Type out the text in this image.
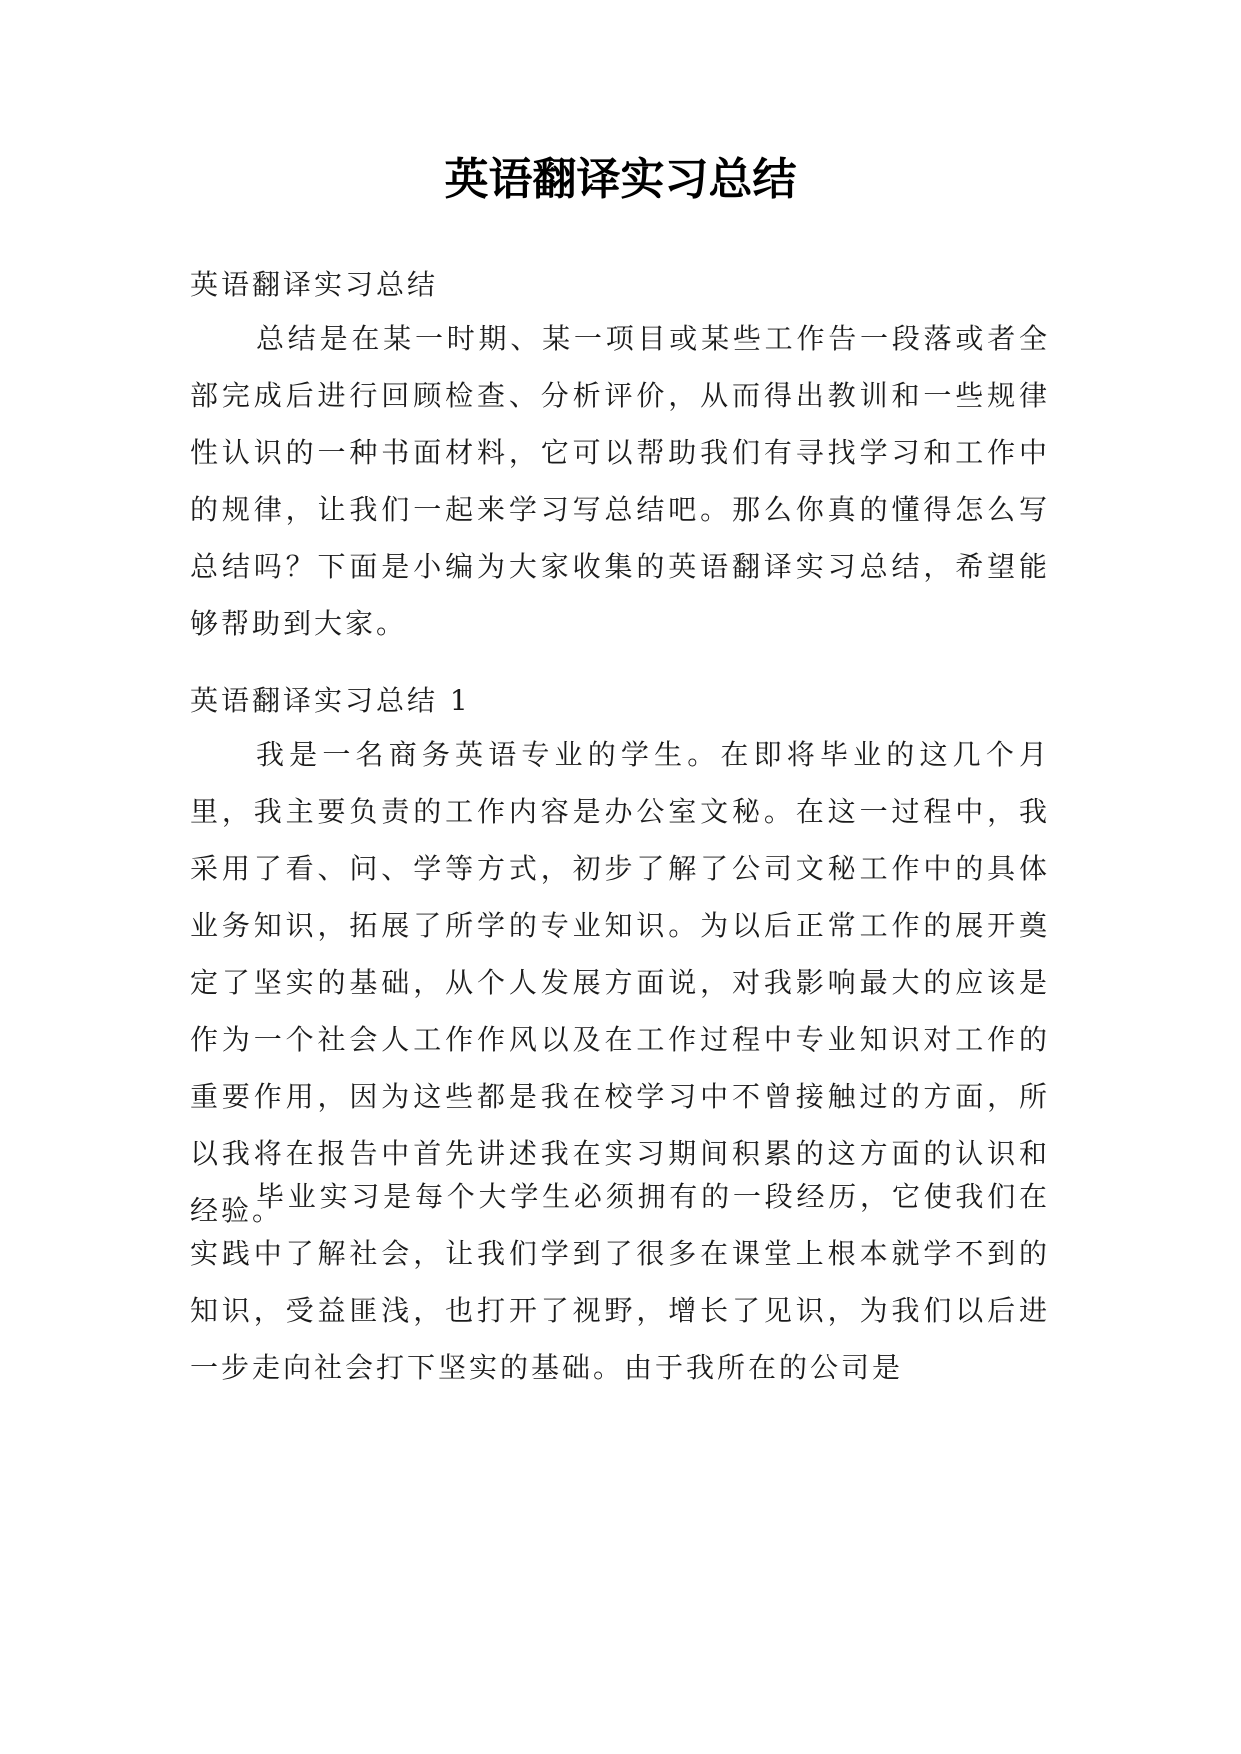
英语翻译实习总结
英语翻译实习总结
总结是在某一时期、某一项目或某些工作告一段落或者全部完成后进行回顾检查、分析评价，从而得出教训和一些规律性认识的一种书面材料，它可以帮助我们有寻找学习和工作中的规律，让我们一起来学习写总结吧。那么你真的懂得怎么写总结吗？下面是小编为大家收集的英语翻译实习总结，希望能够帮助到大家。
英语翻译实习总结 1
我是一名商务英语专业的学生。在即将毕业的这几个月里，我主要负责的工作内容是办公室文秘。在这一过程中，我采用了看、问、学等方式，初步了解了公司文秘工作中的具体业务知识，拓展了所学的专业知识。为以后正常工作的展开奠定了坚实的基础，从个人发展方面说，对我影响最大的应该是作为一个社会人工作作风以及在工作过程中专业知识对工作的重要作用，因为这些都是我在校学习中不曾接触过的方面，所以我将在报告中首先讲述我在实习期间积累的这方面的认识和经验。
毕业实习是每个大学生必须拥有的一段经历，它使我们在实践中了解社会，让我们学到了很多在课堂上根本就学不到的知识，受益匪浅，也打开了视野，增长了见识，为我们以后进一步走向社会打下坚实的基础。由于我所在的公司是
